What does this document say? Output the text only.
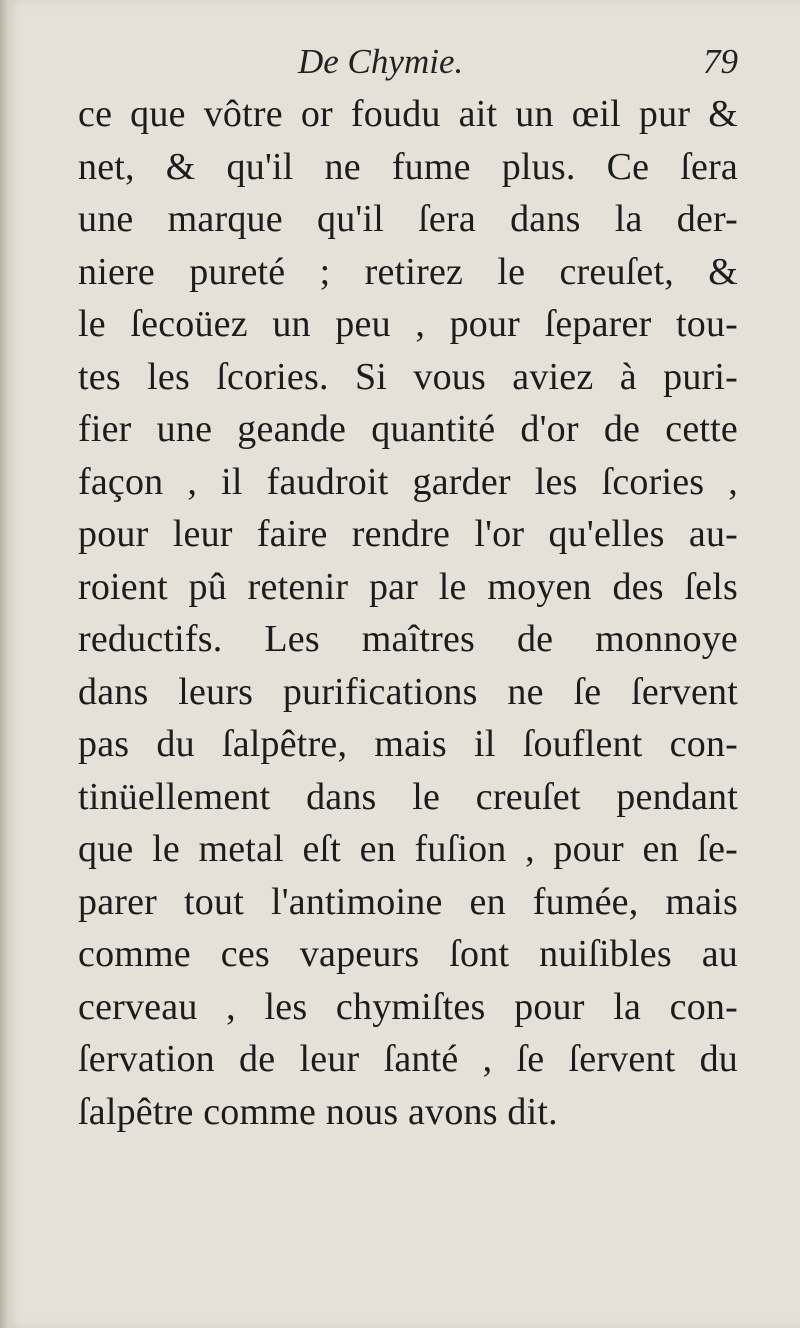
De Chymie.	79
ce que vôtre or foudu ait un œil pur &
net, & qu'il ne fume plus. Ce ſera
une marque qu'il ſera dans la der-
niere pureté ; retirez le creuſet, &
le ſecoüez un peu , pour ſeparer tou-
tes les ſcories. Si vous aviez à puri-
fier une geande quantité d'or de cette
façon , il faudroit garder les ſcories ,
pour leur faire rendre l'or qu'elles au-
roient pû retenir par le moyen des ſels
reductifs. Les maîtres de monnoye
dans leurs purifications ne ſe ſervent
pas du ſalpêtre, mais il ſouflent con-
tinüellement dans le creuſet pendant
que le metal eſt en fuſion , pour en ſe-
parer tout l'antimoine en fumée, mais
comme ces vapeurs ſont nuiſibles au
cerveau , les chymiſtes pour la con-
ſervation de leur ſanté , ſe ſervent du
ſalpêtre comme nous avons dit.
